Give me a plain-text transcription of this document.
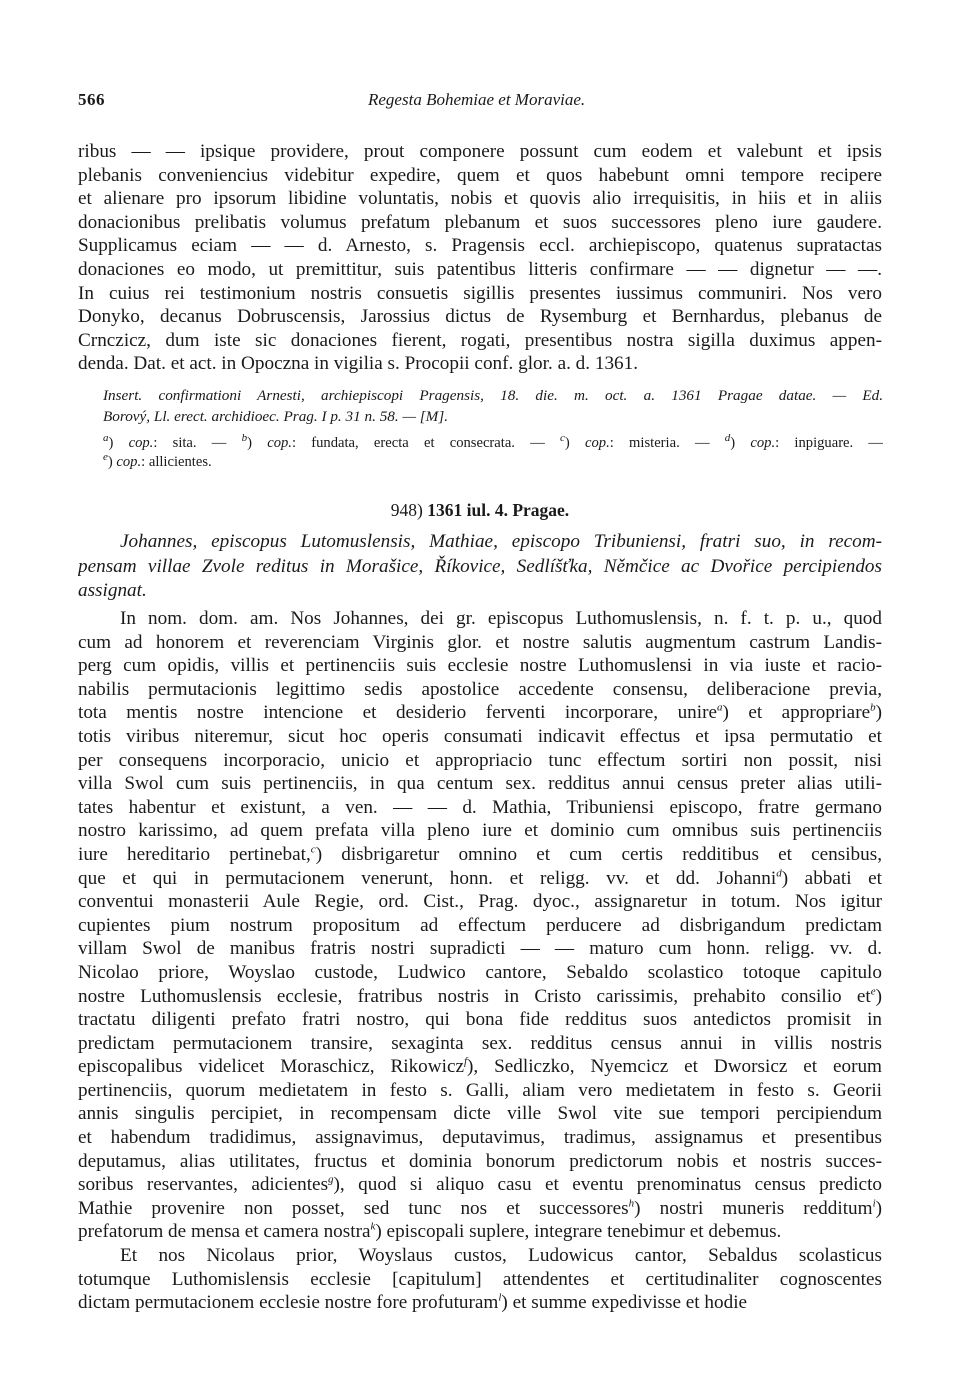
566	Regesta Bohemiae et Moraviae.
ribus — — ipsique providere, prout componere possunt cum eodem et valebunt et ipsis
plebanis conveniencius videbitur expedire, quem et quos habebunt omni tempore recipere
et alienare pro ipsorum libidine voluntatis, nobis et quovis alio irrequisitis, in hiis et in aliis
donacionibus prelibatis volumus prefatum plebanum et suos successores pleno iure gaudere.
Supplicamus eciam — — d. Arnesto, s. Pragensis eccl. archiepiscopo, quatenus supratactas
donaciones eo modo, ut premittitur, suis patentibus litteris confirmare — — dignetur — —.
In cuius rei testimonium nostris consuetis sigillis presentes iussimus communiri. Nos vero
Donyko, decanus Dobruscensis, Jarossius dictus de Rysemburg et Bernhardus, plebanus de
Crnczicz, dum iste sic donaciones fierent, rogati, presentibus nostra sigilla duximus appen-
denda. Dat. et act. in Opoczna in vigilia s. Procopii conf. glor. a. d. 1361.
Insert. confirmationi Arnesti, archiepiscopi Pragensis, 18. die. m. oct. a. 1361 Pragae datae. — Ed.
Borový, Ll. erect. archidioec. Prag. I p. 31 n. 58. — [M].
$^a$) cop.: sita. — $^b$) cop.: fundata, erecta et consecrata. — $^c$) cop.: misteria. — $^d$) cop.: inpiguare. —
$^e$) cop.: allicientes.
948) 1361 iul. 4. Pragae.
Johannes, episcopus Lutomuslensis, Mathiae, episcopo Tribuniensi, fratri suo, in recom-
pensam villae Zvole reditus in Morašice, Říkovice, Sedlíšťka, Němčice ac Dvořice percipiendos
assignat.
In nom. dom. am. Nos Johannes, dei gr. episcopus Luthomuslensis, n. f. t. p. u., quod
cum ad honorem et reverenciam Virginis glor. et nostre salutis augmentum castrum Landis-
perg cum opidis, villis et pertinenciis suis ecclesie nostre Luthomuslensi in via iuste et racio-
nabilis permutacionis legittimo sedis apostolice accedente consensu, deliberacione previa,
tota mentis nostre intencione et desiderio ferventi incorporare, unire$^a$) et appropriare$^b$)
totis viribus niteremur, sicut hoc operis consumati indicavit effectus et ipsa permutatio et
per consequens incorporacio, unicio et appropriacio tunc effectum sortiri non possit, nisi
villa Swol cum suis pertinenciis, in qua centum sex. redditus annui census preter alias utili-
tates habentur et existunt, a ven. — — d. Mathia, Tribuniensi episcopo, fratre germano
nostro karissimo, ad quem prefata villa pleno iure et dominio cum omnibus suis pertinenciis
iure hereditario pertinebat,$^c$) disbrigaretur omnino et cum certis redditibus et censibus,
que et qui in permutacionem venerunt, honn. et religg. vv. et dd. Johanni$^d$) abbati et
conventui monasterii Aule Regie, ord. Cist., Prag. dyoc., assignaretur in totum. Nos igitur
cupientes pium nostrum propositum ad effectum perducere ad disbrigandum predictam
villam Swol de manibus fratris nostri supradicti — — maturo cum honn. religg. vv. d.
Nicolao priore, Woyslao custode, Ludwico cantore, Sebaldo scolastico totoque capitulo
nostre Luthomuslensis ecclesie, fratribus nostris in Cristo carissimis, prehabito consilio $et^e$)
tractatu diligenti prefato fratri nostro, qui bona fide redditus suos antedictos promisit in
predictam permutacionem transire, sexaginta sex. redditus census annui in villis nostris
episcopalibus videlicet Moraschicz, Rikowicz$^f$), Sedliczko, Nyemcicz et Dworsicz et eorum
pertinenciis, quorum medietatem in festo s. Galli, aliam vero medietatem in festo s. Georii
annis singulis percipiet, in recompensam dicte ville Swol vite sue tempori percipiendum
et habendum tradidimus, assignavimus, deputavimus, tradimus, assignamus et presentibus
deputamus, alias utilitates, fructus et dominia bonorum predictorum nobis et nostris succes-
soribus reservantes, adicientes$^g$), quod si aliquo casu et eventu prenominatus census predicto
Mathie provenire non posset, sed tunc nos et successores$^h$) nostri muneris redditum$^i$)
prefatorum de mensa et camera nostra$^k$) episcopali suplere, integrare tenebimur et debemus.
Et nos Nicolaus prior, Woyslaus custos, Ludowicus cantor, Sebaldus scolasticus
totumque Luthomislensis ecclesie [capitulum] attendentes et certitudinaliter cognoscentes
dictam permutacionem ecclesie nostre fore profuturam$^l$) et summe expedivisse et hodie
